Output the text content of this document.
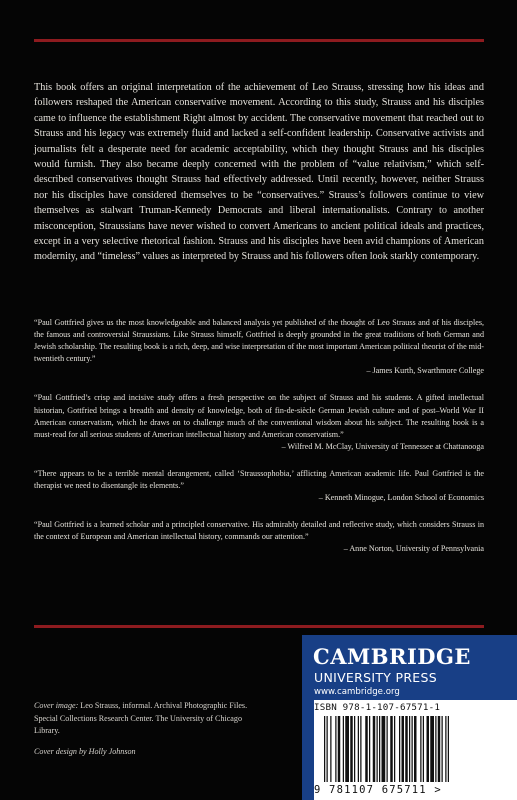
This book offers an original interpretation of the achievement of Leo Strauss, stressing how his ideas and followers reshaped the American conservative movement. According to this study, Strauss and his disciples came to influence the establishment Right almost by accident. The conservative movement that reached out to Strauss and his legacy was extremely fluid and lacked a self-confident leadership. Conservative activists and journalists felt a desperate need for academic acceptability, which they thought Strauss and his disciples would furnish. They also became deeply concerned with the problem of “value relativism,” which self-described conservatives thought Strauss had effectively addressed. Until recently, however, neither Strauss nor his disciples have considered themselves to be “conservatives.” Strauss’s followers continue to view themselves as stalwart Truman-Kennedy Democrats and liberal internationalists. Contrary to another misconception, Straussians have never wished to convert Americans to ancient political ideals and practices, except in a very selective rhetorical fashion. Strauss and his disciples have been avid champions of American modernity, and “timeless” values as interpreted by Strauss and his followers often look starkly contemporary.

“Paul Gottfried gives us the most knowledgeable and balanced analysis yet published of the thought of Leo Strauss and of his disciples, the famous and controversial Straussians. Like Strauss himself, Gottfried is deeply grounded in the great traditions of both German and Jewish scholarship. The resulting book is a rich, deep, and wise interpretation of the most important American political theorist of the mid-twentieth century.”

– James Kurth, Swarthmore College

“Paul Gottfried’s crisp and incisive study offers a fresh perspective on the subject of Strauss and his students. A gifted intellectual historian, Gottfried brings a breadth and density of knowledge, both of fin-de-siècle German Jewish culture and of post–World War II American conservatism, which he draws on to challenge much of the conventional wisdom about his subject. The resulting book is a must-read for all serious students of American intellectual history and American conservatism.”

– Wilfred M. McClay, University of Tennessee at Chattanooga

“There appears to be a terrible mental derangement, called ‘Straussophobia,’ afflicting American academic life. Paul Gottfried is the therapist we need to disentangle its elements.”

– Kenneth Minogue, London School of Economics

“Paul Gottfried is a learned scholar and a principled conservative. His admirably detailed and reflective study, which considers Strauss in the context of European and American intellectual history, commands our attention.”

– Anne Norton, University of Pennsylvania

Cover image: Leo Strauss, informal. Archival Photographic Files. Special Collections Research Center. The University of Chicago Library.

Cover design by Holly Johnson

CAMBRIDGE
UNIVERSITY PRESS
www.cambridge.org
ISBN 978-1-107-67571-1
9 781107 675711 >
